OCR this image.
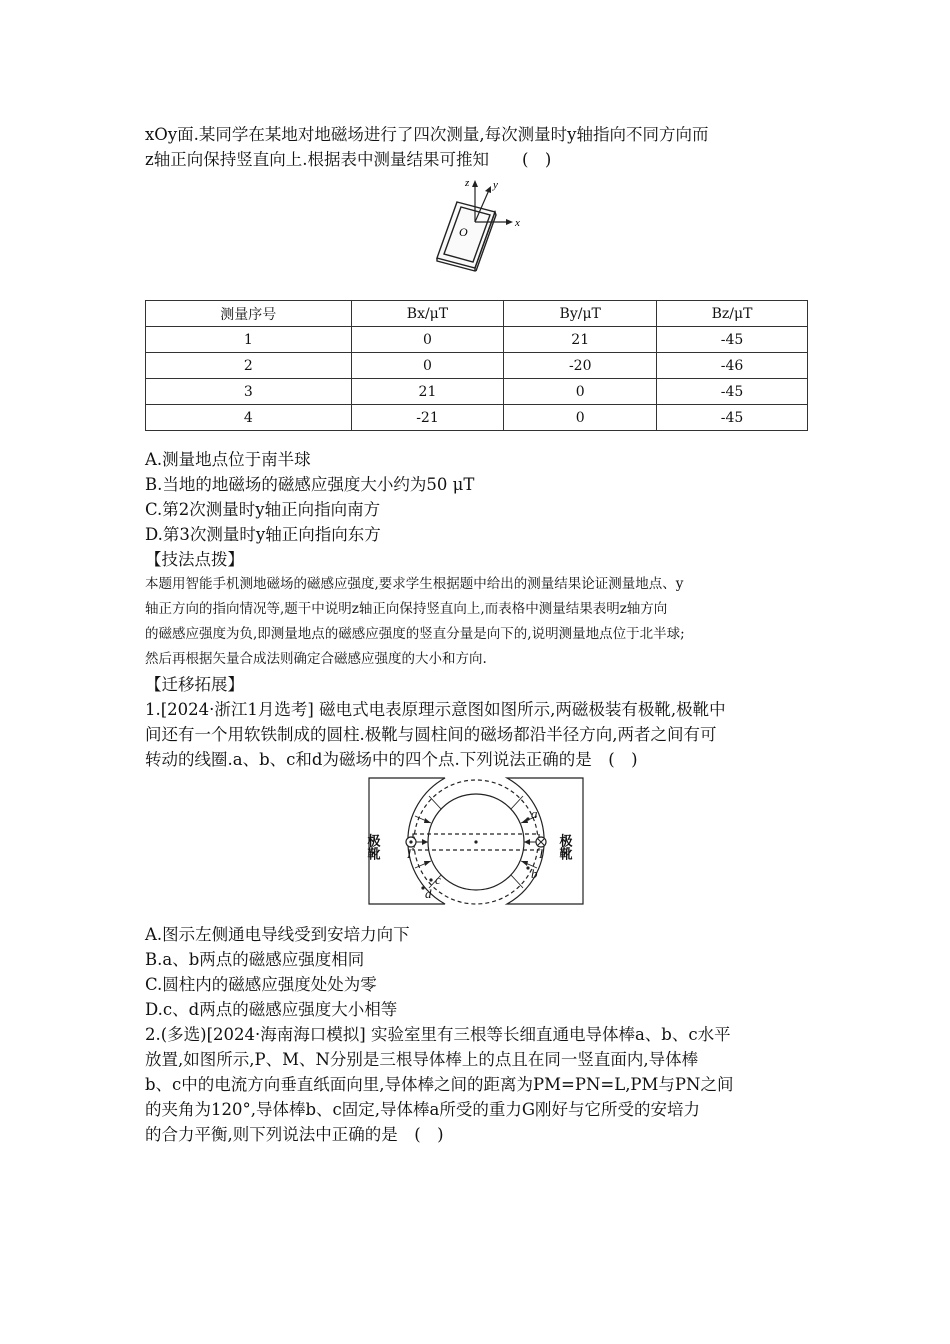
xOy面.某同学在某地对地磁场进行了四次测量,每次测量时y轴指向不同方向而
z轴正向保持竖直向上.根据表中测量结果可推知　　(　)
z y
x
O
测量序号	Bx/μT	By/μT	Bz/μT
1	0	21	-45
2	0	-20	-46
3	21	0	-45
4	-21	0	-45
A.测量地点位于南半球
B.当地的地磁场的磁感应强度大小约为50 μT
C.第2次测量时y轴正向指向南方
D.第3次测量时y轴正向指向东方
【技法点拨】
本题用智能手机测地磁场的磁感应强度,要求学生根据题中给出的测量结果论证测量地点、y
轴正方向的指向情况等,题干中说明z轴正向保持竖直向上,而表格中测量结果表明z轴方向
的磁感应强度为负,即测量地点的磁感应强度的竖直分量是向下的,说明测量地点位于北半球;
然后再根据矢量合成法则确定合磁感应强度的大小和方向.
【迁移拓展】
1.[2024·浙江1月选考] 磁电式电表原理示意图如图所示,两磁极装有极靴,极靴中
间还有一个用软铁制成的圆柱.极靴与圆柱间的磁场都沿半径方向,两者之间有可
转动的线圈.a、b、c和d为磁场中的四个点.下列说法正确的是　(　)
极靴	极靴
a
b
c
d
I	I
A.图示左侧通电导线受到安培力向下
B.a、b两点的磁感应强度相同
C.圆柱内的磁感应强度处处为零
D.c、d两点的磁感应强度大小相等
2.(多选)[2024·海南海口模拟] 实验室里有三根等长细直通电导体棒a、b、c水平
放置,如图所示,P、M、N分别是三根导体棒上的点且在同一竖直面内,导体棒
b、c中的电流方向垂直纸面向里,导体棒之间的距离为PM=PN=L,PM与PN之间
的夹角为120°,导体棒b、c固定,导体棒a所受的重力G刚好与它所受的安培力
的合力平衡,则下列说法中正确的是　(　)
